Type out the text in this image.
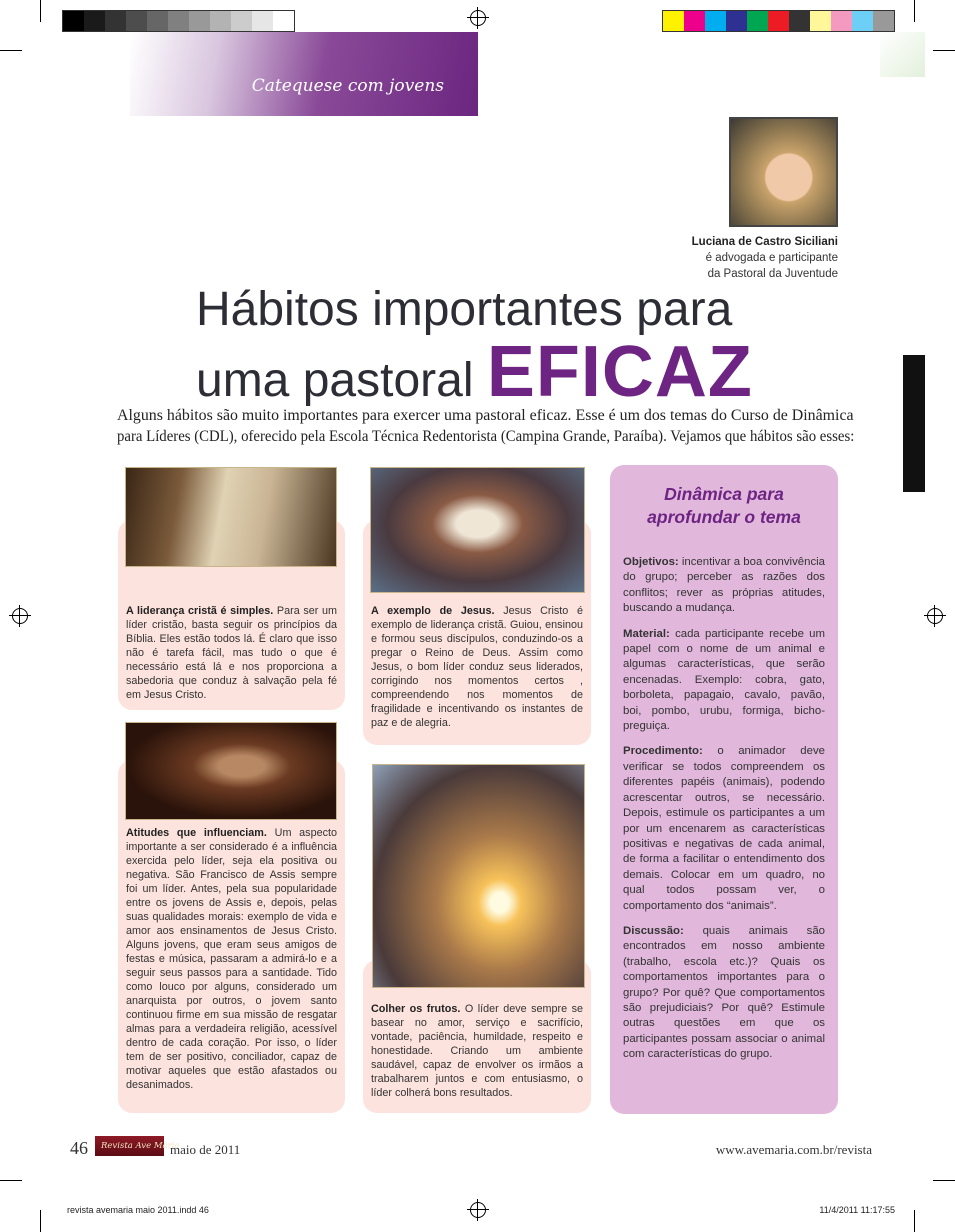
Catequese com jovens
Luciana de Castro Siciliani
é advogada e participante
da Pastoral da Juventude
Hábitos importantes para
uma pastoral EFICAZ
Alguns hábitos são muito importantes para exercer uma pastoral eficaz. Esse é um dos temas do Curso de Dinâmica
para Líderes (CDL), oferecido pela Escola Técnica Redentorista (Campina Grande, Paraíba). Vejamos que hábitos são esses:
A liderança cristã é simples. Para ser um líder cristão, basta seguir os princípios da Bíblia. Eles estão todos lá. É claro que isso não é tarefa fácil, mas tudo o que é necessário está lá e nos proporciona a sabedoria que conduz à salvação pela fé em Jesus Cristo.
Atitudes que influenciam. Um aspecto importante a ser considerado é a influência exercida pelo líder, seja ela positiva ou negativa. São Francisco de Assis sempre foi um líder. Antes, pela sua popularidade entre os jovens de Assis e, depois, pelas suas qualidades morais: exemplo de vida e amor aos ensinamentos de Jesus Cristo. Alguns jovens, que eram seus amigos de festas e música, passaram a admirá-lo e a seguir seus passos para a santidade. Tido como louco por alguns, considerado um anarquista por outros, o jovem santo continuou firme em sua missão de resgatar almas para a verdadeira religião, acessível dentro de cada coração. Por isso, o líder tem de ser positivo, conciliador, capaz de motivar aqueles que estão afastados ou desanimados.
A exemplo de Jesus. Jesus Cristo é exemplo de liderança cristã. Guiou, ensinou e formou seus discípulos, conduzindo-os a pregar o Reino de Deus. Assim como Jesus, o bom líder conduz seus liderados, corrigindo nos momentos certos , compreendendo nos momentos de fragilidade e incentivando os instantes de paz e de alegria.
Colher os frutos. O líder deve sempre se basear no amor, serviço e sacrifício, vontade, paciência, humildade, respeito e honestidade. Criando um ambiente saudável, capaz de envolver os irmãos a trabalharem juntos e com entusiasmo, o líder colherá bons resultados.
Dinâmica para
aprofundar o tema

Objetivos: incentivar a boa convivência do grupo; perceber as razões dos conflitos; rever as próprias atitudes, buscando a mudança.

Material: cada participante recebe um papel com o nome de um animal e algumas características, que serão encenadas. Exemplo: cobra, gato, borboleta, papagaio, cavalo, pavão, boi, pombo, urubu, formiga, bicho-preguiça.

Procedimento: o animador deve verificar se todos compreendem os diferentes papéis (animais), podendo acrescentar outros, se necessário. Depois, estimule os participantes a um por um encenarem as características positivas e negativas de cada animal, de forma a facilitar o entendimento dos demais. Colocar em um quadro, no qual todos possam ver, o comportamento dos “animais”.

Discussão: quais animais são encontrados em nosso ambiente (trabalho, escola etc.)? Quais os comportamentos importantes para o grupo? Por quê? Que comportamentos são prejudiciais? Por quê? Estimule outras questões em que os participantes possam associar o animal com características do grupo.

46	Revista Ave Maria
maio de 2011	www.avemaria.com.br/revista
revista avemaria maio 2011.indd 46	11/4/2011 11:17:55
